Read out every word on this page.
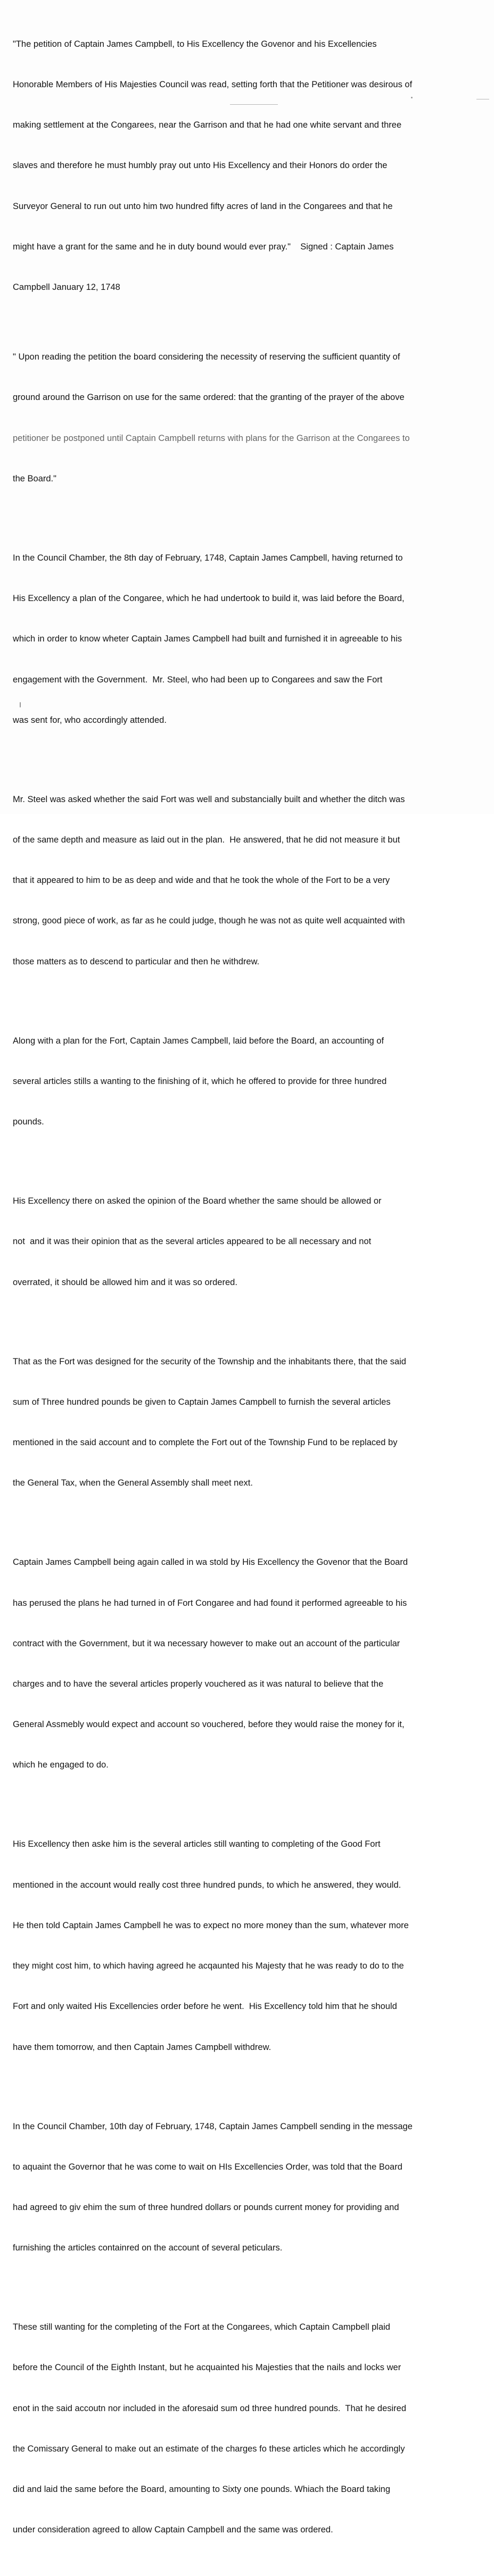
"The petition of Captain James Campbell, to His Excellency the Govenor and his Excellencies

Honorable Members of His Majesties Council was read, setting forth that the Petitioner was desirous of

making settlement at the Congarees, near the Garrison and that he had one white servant and three

slaves and therefore he must humbly pray out unto His Excellency and their Honors do order the

Surveyor General to run out unto him two hundred fifty acres of land in the Congarees and that he

might have a grant for the same and he in duty bound would ever pray."    Signed : Captain James

Campbell January 12, 1748

" Upon reading the petition the board considering the necessity of reserving the sufficient quantity of

ground around the Garrison on use for the same ordered: that the granting of the prayer of the above

petitioner be postponed until Captain Campbell returns with plans for the Garrison at the Congarees to

the Board."

In the Council Chamber, the 8th day of February, 1748, Captain James Campbell, having returned to

His Excellency a plan of the Congaree, which he had undertook to build it, was laid before the Board,

which in order to know wheter Captain James Campbell had built and furnished it in agreeable to his

engagement with the Government.  Mr. Steel, who had been up to Congarees and saw the Fort

was sent for, who accordingly attended.

Mr. Steel was asked whether the said Fort was well and substancially built and whether the ditch was

of the same depth and measure as laid out in the plan.  He answered, that he did not measure it but

that it appeared to him to be as deep and wide and that he took the whole of the Fort to be a very

strong, good piece of work, as far as he could judge, though he was not as quite well acquainted with

those matters as to descend to particular and then he withdrew.

Along with a plan for the Fort, Captain James Campbell, laid before the Board, an accounting of

several articles stills a wanting to the finishing of it, which he offered to provide for three hundred

pounds.

His Excellency there on asked the opinion of the Board whether the same should be allowed or

not  and it was their opinion that as the several articles appeared to be all necessary and not

overrated, it should be allowed him and it was so ordered.

That as the Fort was designed for the security of the Township and the inhabitants there, that the said

sum of Three hundred pounds be given to Captain James Campbell to furnish the several articles

mentioned in the said account and to complete the Fort out of the Township Fund to be replaced by

the General Tax, when the General Assembly shall meet next.

Captain James Campbell being again called in wa stold by His Excellency the Govenor that the Board

has perused the plans he had turned in of Fort Congaree and had found it performed agreeable to his

contract with the Government, but it wa necessary however to make out an account of the particular

charges and to have the several articles properly vouchered as it was natural to believe that the

General Assmebly would expect and account so vouchered, before they would raise the money for it,

which he engaged to do.

His Excellency then aske him is the several articles still wanting to completing of the Good Fort

mentioned in the account would really cost three hundred punds, to which he answered, they would.

He then told Captain James Campbell he was to expect no more money than the sum, whatever more

they might cost him, to which having agreed he acqaunted his Majesty that he was ready to do to the

Fort and only waited His Excellencies order before he went.  His Excellency told him that he should

have them tomorrow, and then Captain James Campbell withdrew.

In the Council Chamber, 10th day of February, 1748, Captain James Campbell sending in the message

to aquaint the Governor that he was come to wait on HIs Excellencies Order, was told that the Board

had agreed to giv ehim the sum of three hundred dollars or pounds current money for providing and

furnishing the articles containred on the account of several peticulars.

These still wanting for the completing of the Fort at the Congarees, which Captain Campbell plaid

before the Council of the Eighth Instant, but he acquainted his Majesties that the nails and locks wer

enot in the said accoutn nor included in the aforesaid sum od three hundred pounds.  That he desired

the Comissary General to make out an estimate of the charges fo these articles which he accordingly

did and laid the same before the Board, amounting to Sixty one pounds. Whiach the Board taking

under consideration agreed to allow Captain Campbell and the same was ordered.
